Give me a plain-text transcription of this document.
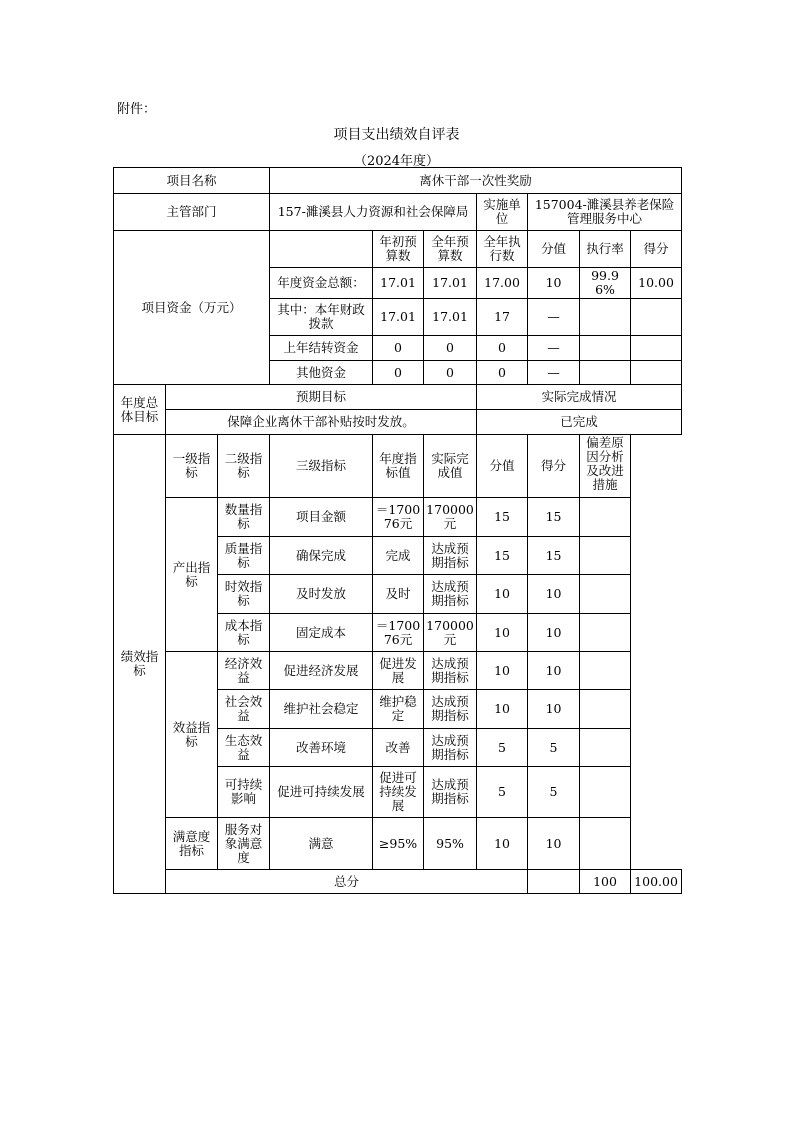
附件：
项目支出绩效自评表
（2024年度）
项目名称			离休干部一次性奖励							
主管部门			157-濉溪县人力资源和社会保障局			实施单位	157004-濉溪县养老保险管理服务中心			
项目资金（万元）				年初预算数	全年预算数	全年执行数	分值	执行率	得分	
			年度资金总额：	17.01	17.01	17.00	10	99.96%	10.00	
			其中：本年财政拨款	17.01	17.01	17	—			
			上年结转资金	0	0	0	—			
			其他资金	0	0	0	—			
年度总体目标	预期目标					实际完成情况				
	保障企业离休干部补贴按时发放。					已完成				
绩效指标	一级指标	二级指标	三级指标	年度指标值	实际完成值	分值	得分	偏差原因分析及改进措施		
	产出指标	数量指标	项目金额	＝170076元	170000元	15	15			
		质量指标	确保完成	完成	达成预期指标	15	15			
		时效指标	及时发放	及时	达成预期指标	10	10			
		成本指标	固定成本	＝170076元	170000元	10	10			
	效益指标	经济效益	促进经济发展	促进发展	达成预期指标	10	10			
		社会效益	维护社会稳定	维护稳定	达成预期指标	10	10			
		生态效益	改善环境	改善	达成预期指标	5	5			
		可持续影响	促进可持续发展	促进可持续发展	达成预期指标	5	5			
	满意度指标	服务对象满意度	满意	≥95%	95%	10	10			
	总分							100	100.00	
